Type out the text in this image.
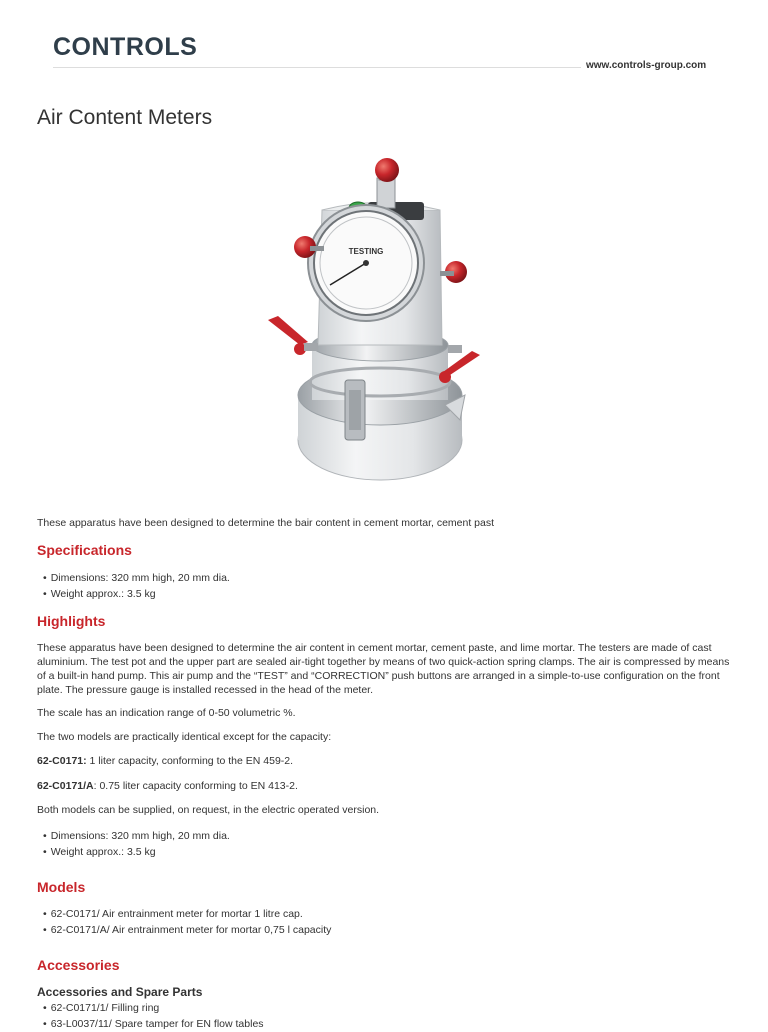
CONTROLS
www.controls-group.com
Air Content Meters
TESTING

These apparatus have been designed to determine the bair content in cement mortar, cement past

Specifications
• Dimensions: 320 mm high, 20 mm dia.
• Weight approx.: 3.5 kg
Highlights

These apparatus have been designed to determine the air content in cement mortar, cement paste, and lime mortar. The testers are made of cast aluminium. The test pot and the upper part are sealed air-tight together by means of two quick-action spring clamps. The air is compressed by means of a built-in hand pump. This air pump and the “TEST” and “CORRECTION” push buttons are arranged in a simple-to-use configuration on the front plate. The pressure gauge is installed recessed in the head of the meter.

The scale has an indication range of 0-50 volumetric %.

The two models are practically identical except for the capacity:

62-C0171: 1 liter capacity, conforming to the EN 459-2.

62-C0171/A: 0.75 liter capacity conforming to EN 413-2.

Both models can be supplied, on request, in the electric operated version.

• Dimensions: 320 mm high, 20 mm dia.
• Weight approx.: 3.5 kg
Models
• 62-C0171/ Air entrainment meter for mortar 1 litre cap.
• 62-C0171/A/ Air entrainment meter for mortar 0,75 l capacity
Accessories
Accessories and Spare Parts
• 62-C0171/1/ Filling ring
• 63-L0037/11/ Spare tamper for EN flow tables
